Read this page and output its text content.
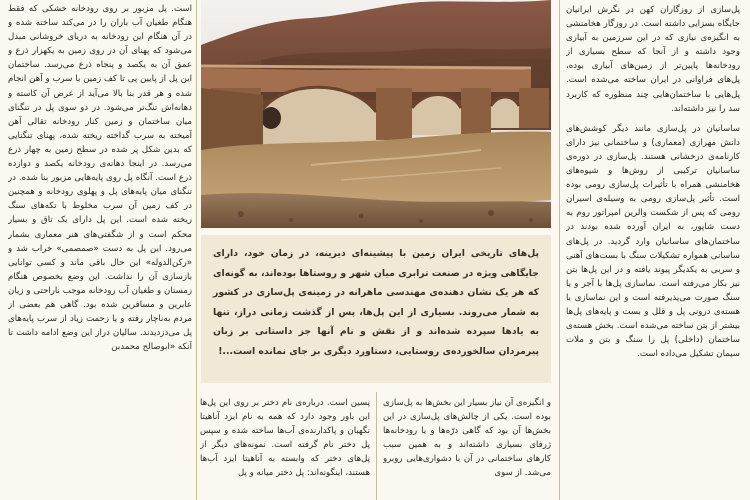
پل‌سازی از روزگاران کهن در نگرش ایرانیان جایگاه بسزایی داشته است. در روزگار هخامنشی به انگیزه‌ی نیازی که در این سرزمین به آبیاری وجود داشته و از آنجا که سطح بسیاری از رودخانه‌ها پایین‌تر از زمین‌های آبیاری بوده، پل‌های فراوانی در ایران ساخته می‌شده است. پل‌هایی با ساختمان‌هایی چند منظوره که کاربرد سد را نیز داشته‌اند.

ساسانیان در پل‌سازی مانند دیگر کوشش‌های دانش مهرازی (معماری) و ساختمانی نیز دارای کارنامه‌ی درخشانی هستند. پل‌سازی در دوره‌ی ساسانیان ترکیبی از روش‌ها و شیوه‌های هخامنشی همراه با تأثیرات پل‌سازی رومی بوده است. تأثیر پل‌سازی رومی به وسیله‌ی اسیران رومی که پس از شکست والرین امپراتور روم به دست شاپور، به ایران آورده شده بودند در ساختمان‌های ساسانیان وارد گردید. در پل‌های ساسانی همواره تشکیلات سنگ با بست‌های آهنی و سربی به یکدیگر پیوند یافته و در این پل‌ها بتن نیز بکار می‌رفته است. نماسازی پل‌ها با آجر و یا سنگ صورت می‌پذیرفته است و این نماسازی با هسته‌ی درونی پل و قلل و بست و پایه‌های پل‌ها بیشتر از بتن ساخته می‌شده است. بخش هسته‌ی ساختمان (داخلی) پل را سنگ و بتن و ملات سیمان تشکیل می‌داده است.

پل‌های تاریخی ایران زمین با پیشینه‌ای دیرینه، در زمان خود، دارای جایگاهی ویژه در صنعت ترابری میان شهر و روستاها بوده‌اند، به گونه‌ای که هر یک نشان دهنده‌ی مهندسی ماهرانه در زمینه‌ی پل‌سازی در کشور به شمار می‌روند. بسیاری از این پل‌ها، پس از گذشت زمانی دراز، تنها به یادها سپرده شده‌اند و از نقش و نام آنها جز داستانی بر زبان پیرمردان سالخورده‌ی روستایی، دستاورد دیگری بر جای نمانده است...!

و انگیزه‌ی آن نیاز بسیار این بخش‌ها به پل‌سازی بوده است. یکی از چالش‌های پل‌سازی در این بخش‌ها آن بود که گاهی درّه‌ها و یا رودخانه‌ها ژرفای بسیاری داشته‌اند و به همین سبب کارهای ساختمانی در آن با دشواری‌هایی روبرو می‌شد. از سوی

پسین است. درباره‌ی نام دختر بر روی این پل‌ها این باور وجود دارد که همه به نام ایزد آناهیتا نگهبان و پاکدارنده‌ی آب‌ها ساخته شده و سپس پل دختر نام گرفته است. نمونه‌های دیگر از پل‌های دختر که وابسته به آناهیتا ایزد آب‌ها هستند، اینگونه‌اند: پل دختر میانه و پل

است. پل مزبور بر روی رودخانه خشکی که فقط هنگام طغیان آب باران را در می‌کند ساخته شده و در آن هنگام این رودخانه به دریای خروشانی مبدل می‌شود که پهنای آن در روی زمین به یکهزار ذرع و عمق آن به یکصد و پنجاه ذرع می‌رسد. ساختمان این پل از پایین پی تا کف زمین با سرب و آهن انجام شده و هر قدر بنا بالا می‌آید از عرض آن کاسته و دهانه‌اش تنگ‌تر می‌شود. در دو سوی پل در تنگنای میان ساختمان و زمین کنار رودخانه تقالی آهن آمیخته به سرب گداخته ریخته شده، پهنای تنگنایی که بدین شکل پر شده در سطح زمین به چهار ذرع می‌رسد. در اینجا دهانه‌ی رودخانه یکصد و دوازده ذرع است. آنگاه پل روی پایه‌هایی مزبور بنا شده. در تنگنای میان پایه‌های پل و پهلوی رودخانه و همچنین در کف زمین آن سرب مخلوط با تکه‌های سنگ ریخته شده است. این پل دارای یک تاق و بسیار محکم است و از شگفتی‌های هنر معماری بشمار می‌رود. این پل به دست «صمصمی» خراب شد و «رکن‌الدوله» این حال باقی ماند و کسی توانایی بازسازی آن را نداشت. این وضع بخصوص هنگام زمستان و طغیان آب رودخانه موجب ناراحتی و زیان عابرین و مسافرین شده بود. گاهی هم بعضی از مردم به‌ناچار رفته و یا زحمت زیاد از سرب پایه‌های پل می‌دزدیدند. سالیان دراز این وضع ادامه داشت تا آنکه «ابوصالح محمدبن
